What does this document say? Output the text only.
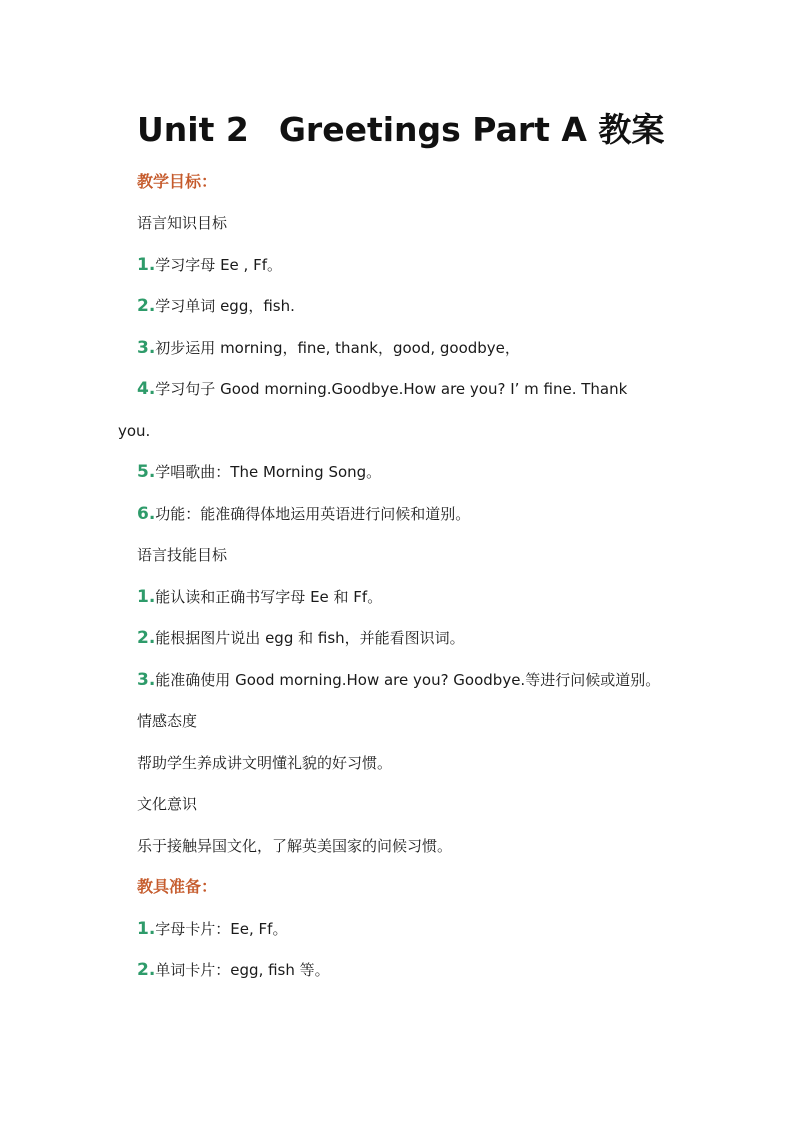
Unit 2 Greetings Part A 教案
教学目标：
语言知识目标
1.学习字母 Ee , Ff。
2.学习单词 egg，fish.
3.初步运用 morning，fine, thank，good, goodbye，
4.学习句子 Good morning.Goodbye.How are you? I’ m fine. Thank
you.
5.学唱歌曲：The Morning Song。
6.功能：能准确得体地运用英语进行问候和道别。
语言技能目标
1.能认读和正确书写字母 Ee 和 Ff。
2.能根据图片说出 egg 和 fish，并能看图识词。
3.能准确使用 Good morning.How are you? Goodbye.等进行问候或道别。
情感态度
帮助学生养成讲文明懂礼貌的好习惯。
文化意识
乐于接触异国文化，了解英美国家的问候习惯。
教具准备：
1.字母卡片：Ee, Ff。
2.单词卡片：egg, fish 等。
